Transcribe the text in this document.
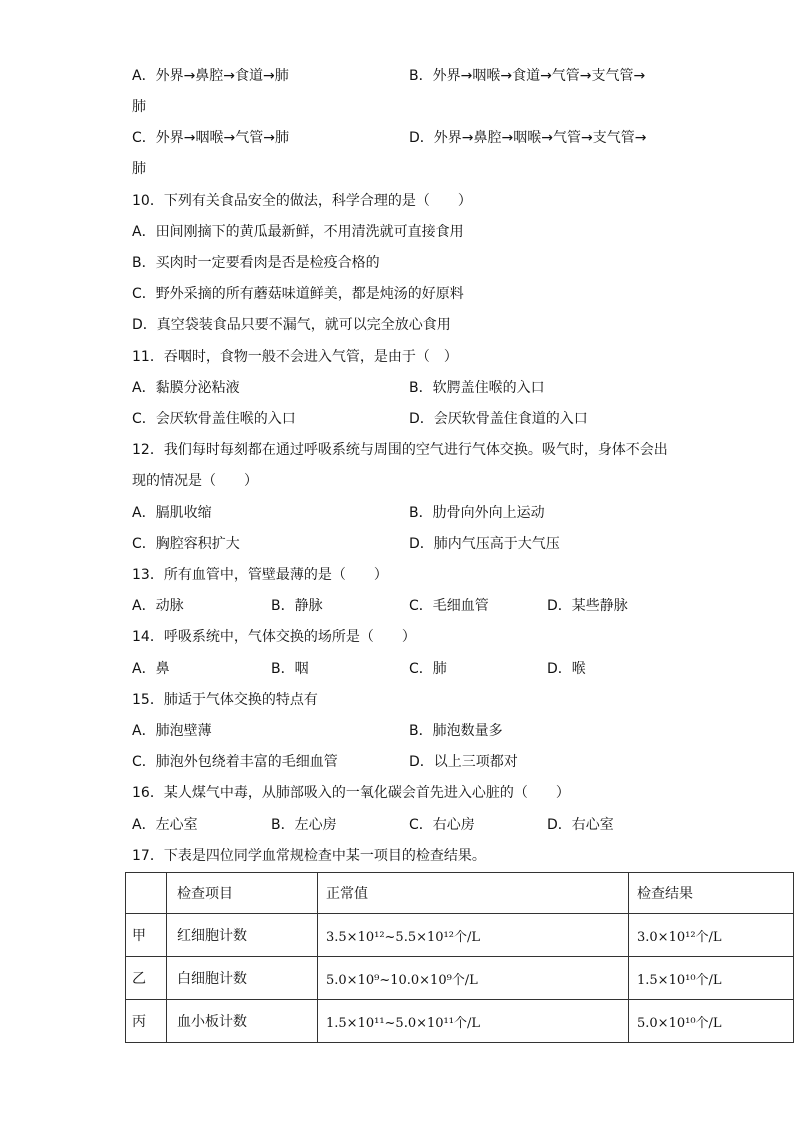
A．外界→鼻腔→食道→肺	B．外界→咽喉→食道→气管→支气管→
肺
C．外界→咽喉→气管→肺	D．外界→鼻腔→咽喉→气管→支气管→
肺
10．下列有关食品安全的做法，科学合理的是（　　）
A．田间刚摘下的黄瓜最新鲜，不用清洗就可直接食用
B．买肉时一定要看肉是否是检疫合格的
C．野外采摘的所有蘑菇味道鲜美，都是炖汤的好原料
D．真空袋装食品只要不漏气，就可以完全放心食用
11．吞咽时，食物一般不会进入气管，是由于（　）
A．黏膜分泌粘液	B．软腭盖住喉的入口
C．会厌软骨盖住喉的入口	D．会厌软骨盖住食道的入口
12．我们每时每刻都在通过呼吸系统与周围的空气进行气体交换。吸气时，身体不会出
现的情况是（　　）
A．膈肌收缩	B．肋骨向外向上运动
C．胸腔容积扩大	D．肺内气压高于大气压
13．所有血管中，管壁最薄的是（　　）
A．动脉	B．静脉	C．毛细血管	D．某些静脉
14．呼吸系统中，气体交换的场所是（　　）
A．鼻	B．咽	C．肺	D．喉
15．肺适于气体交换的特点有
A．肺泡壁薄	B．肺泡数量多
C．肺泡外包绕着丰富的毛细血管	D．以上三项都对
16．某人煤气中毒，从肺部吸入的一氧化碳会首先进入心脏的（　　）
A．左心室	B．左心房	C．右心房	D．右心室
17．下表是四位同学血常规检查中某一项目的检查结果。
	检查项目	正常值	检查结果
甲	红细胞计数	3.5×10¹²~5.5×10¹²个/L	3.0×10¹²个/L
乙	白细胞计数	5.0×10⁹~10.0×10⁹个/L	1.5×10¹⁰个/L
丙	血小板计数	1.5×10¹¹~5.0×10¹¹个/L	5.0×10¹⁰个/L
